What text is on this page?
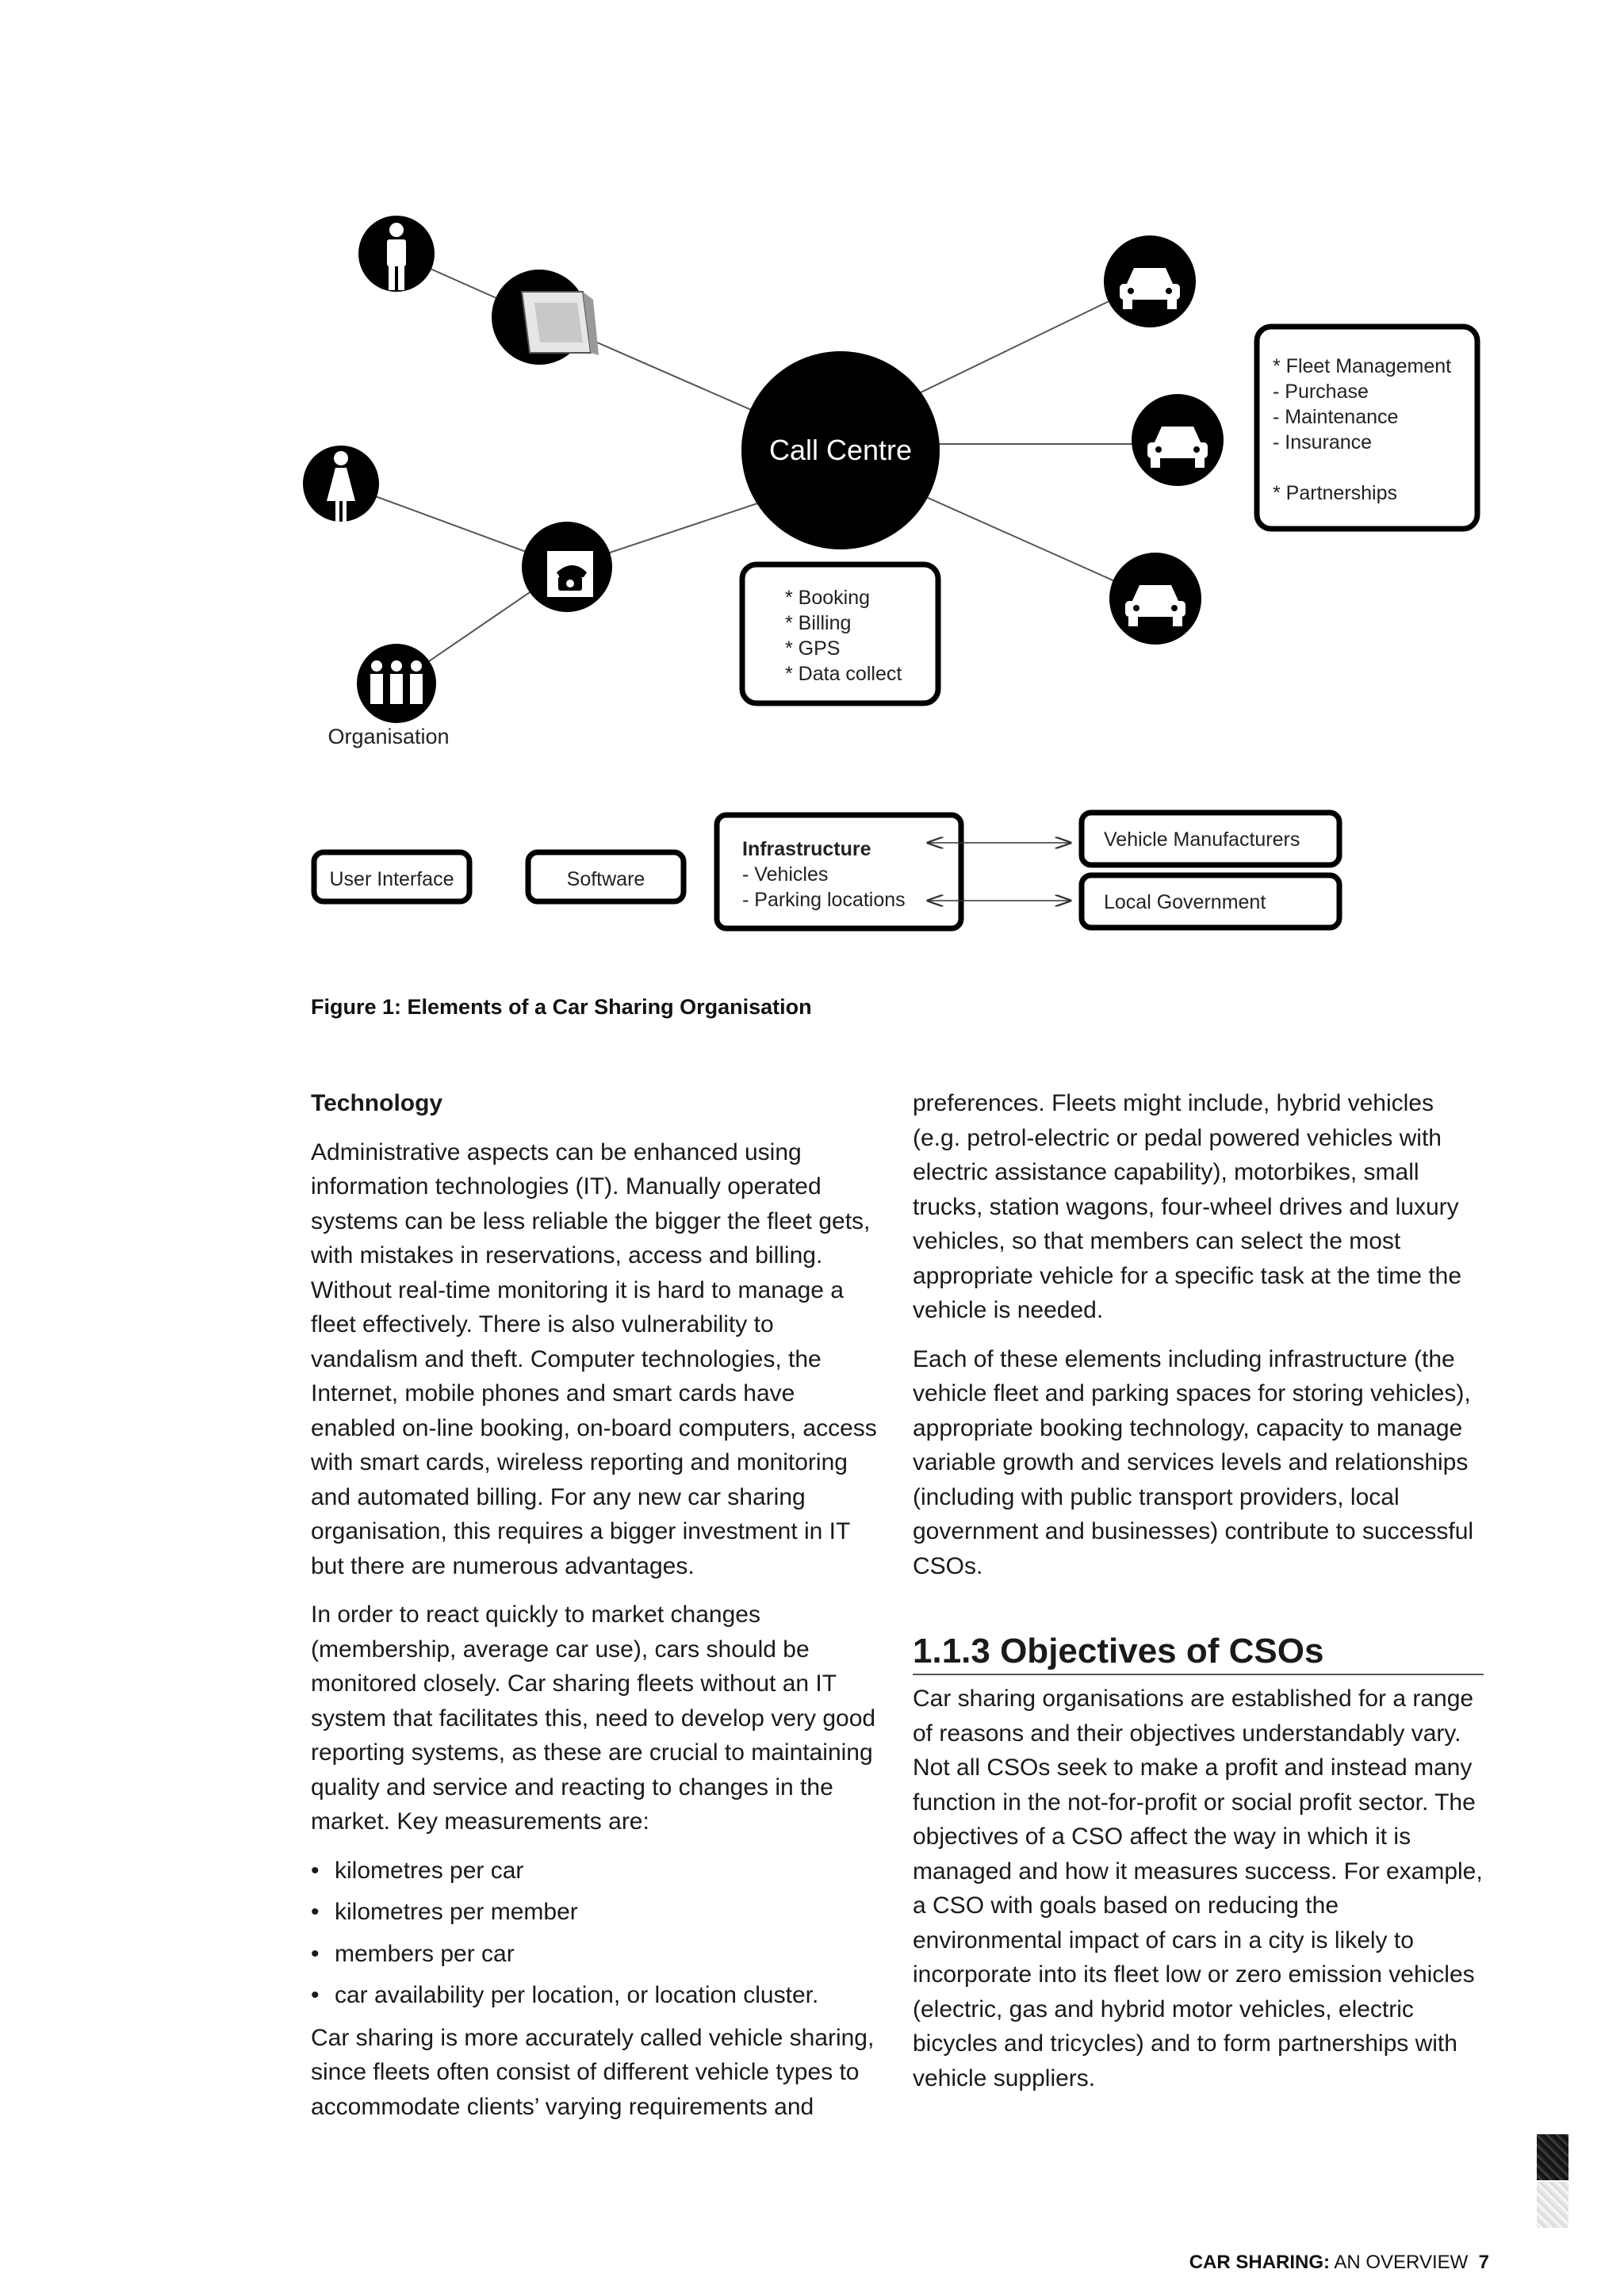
Organisation
Call Centre
* Fleet Management - Purchase - Maintenance - Insurance * Partnerships
* Booking * Billing * GPS * Data collect
User Interface	Software
Infrastructure - Vehicles - Parking locations
Vehicle Manufacturers
Local Government

Figure 1: Elements of a Car Sharing Organisation

Technology

Administrative aspects can be enhanced using information technologies (IT). Manually operated systems can be less reliable the bigger the fleet gets, with mistakes in reservations, access and billing. Without real-time monitoring it is hard to manage a fleet effectively. There is also vulnerability to vandalism and theft. Computer technologies, the Internet, mobile phones and smart cards have enabled on-line booking, on-board computers, access with smart cards, wireless reporting and monitoring and automated billing. For any new car sharing organisation, this requires a bigger investment in IT but there are numerous advantages.

In order to react quickly to market changes (membership, average car use), cars should be monitored closely. Car sharing fleets without an IT system that facilitates this, need to develop very good reporting systems, as these are crucial to maintaining quality and service and reacting to changes in the market. Key measurements are:

• kilometres per car
• kilometres per member
• members per car
• car availability per location, or location cluster.

Car sharing is more accurately called vehicle sharing, since fleets often consist of different vehicle types to accommodate clients’ varying requirements and

preferences. Fleets might include, hybrid vehicles (e.g. petrol-electric or pedal powered vehicles with electric assistance capability), motorbikes, small trucks, station wagons, four-wheel drives and luxury vehicles, so that members can select the most appropriate vehicle for a specific task at the time the vehicle is needed.

Each of these elements including infrastructure (the vehicle fleet and parking spaces for storing vehicles), appropriate booking technology, capacity to manage variable growth and services levels and relationships (including with public transport providers, local government and businesses) contribute to successful CSOs.

1.1.3 Objectives of CSOs

Car sharing organisations are established for a range of reasons and their objectives understandably vary. Not all CSOs seek to make a profit and instead many function in the not-for-profit or social profit sector. The objectives of a CSO affect the way in which it is managed and how it measures success. For example, a CSO with goals based on reducing the environmental impact of cars in a city is likely to incorporate into its fleet low or zero emission vehicles (electric, gas and hybrid motor vehicles, electric bicycles and tricycles) and to form partnerships with vehicle suppliers.

CAR SHARING: AN OVERVIEW 7
